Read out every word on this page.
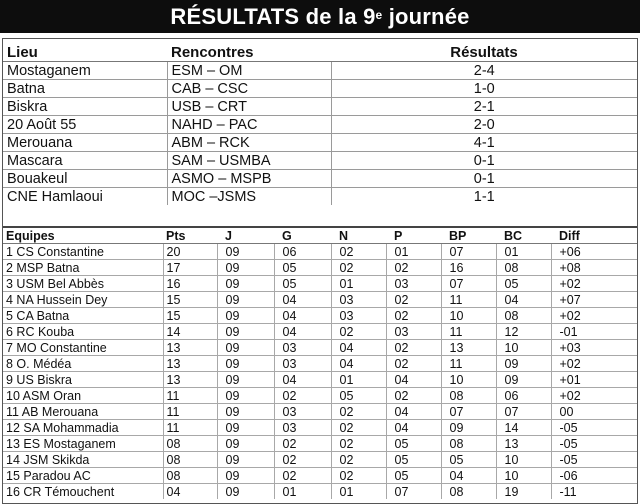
RÉSULTATS de la 9e journée
Lieu	Rencontres	Résultats
Mostaganem	ESM – OM	2-4
Batna	CAB – CSC	1-0
Biskra	USB – CRT	2-1
20 Août 55	NAHD – PAC	2-0
Merouana	ABM – RCK	4-1
Mascara	SAM – USMBA	0-1
Bouakeul	ASMO – MSPB	0-1
CNE Hamlaoui	MOC –JSMS	1-1
Equipes	Pts	J	G	N	P	BP	BC	Diff
1 CS Constantine	20	09	06	02	01	07	01	+06
2 MSP Batna	17	09	05	02	02	16	08	+08
3 USM Bel Abbès	16	09	05	01	03	07	05	+02
4 NA Hussein Dey	15	09	04	03	02	11	04	+07
5 CA Batna	15	09	04	03	02	10	08	+02
6 RC Kouba	14	09	04	02	03	11	12	-01
7 MO Constantine	13	09	03	04	02	13	10	+03
8 O. Médéa	13	09	03	04	02	11	09	+02
9 US Biskra	13	09	04	01	04	10	09	+01
10 ASM Oran	11	09	02	05	02	08	06	+02
11 AB Merouana	11	09	03	02	04	07	07	00
12 SA Mohammadia	11	09	03	02	04	09	14	-05
13 ES Mostaganem	08	09	02	02	05	08	13	-05
14 JSM Skikda	08	09	02	02	05	05	10	-05
15 Paradou AC	08	09	02	02	05	04	10	-06
16 CR Témouchent	04	09	01	01	07	08	19	-11
